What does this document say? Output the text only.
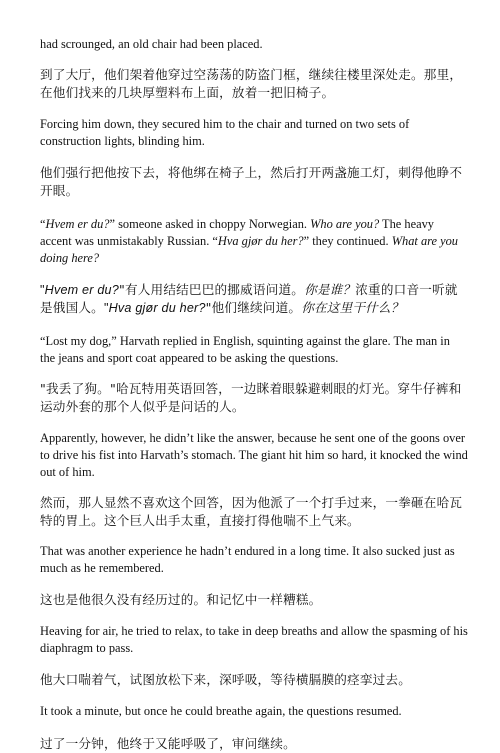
had scrounged, an old chair had been placed.

到了大厅，他们架着他穿过空荡荡的防盗门框，继续往楼里深处走。那里，在他们找来的几块厚塑料布上面，放着一把旧椅子。

Forcing him down, they secured him to the chair and turned on two sets of construction lights, blinding him.

他们强行把他按下去，将他绑在椅子上，然后打开两盏施工灯，刺得他睁不开眼。

“Hvem er du?” someone asked in choppy Norwegian. Who are you? The heavy accent was unmistakably Russian. “Hva gjør du her?” they continued. What are you doing here?

"Hvem er du?"有人用结结巴巴的挪威语问道。你是谁？浓重的口音一听就是俄国人。"Hva gjør du her?"他们继续问道。你在这里干什么？

“Lost my dog,” Harvath replied in English, squinting against the glare. The man in the jeans and sport coat appeared to be asking the questions.

"我丢了狗。"哈瓦特用英语回答，一边眯着眼躲避刺眼的灯光。穿牛仔裤和运动外套的那个人似乎是问话的人。

Apparently, however, he didn’t like the answer, because he sent one of the goons over to drive his fist into Harvath’s stomach. The giant hit him so hard, it knocked the wind out of him.

然而，那人显然不喜欢这个回答，因为他派了一个打手过来，一拳砸在哈瓦特的胃上。这个巨人出手太重，直接打得他喘不上气来。

That was another experience he hadn’t endured in a long time. It also sucked just as much as he remembered.

这也是他很久没有经历过的。和记忆中一样糟糕。

Heaving for air, he tried to relax, to take in deep breaths and allow the spasming of his diaphragm to pass.

他大口喘着气，试图放松下来，深呼吸，等待横膈膜的痉挛过去。

It took a minute, but once he could breathe again, the questions resumed.

过了一分钟，他终于又能呼吸了，审问继续。
